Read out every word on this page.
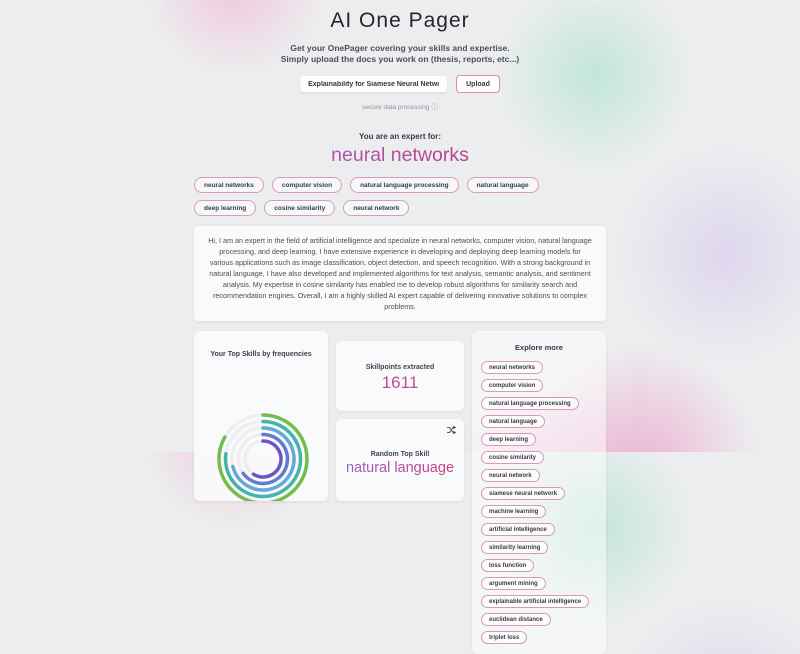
AI One Pager
Get your OnePager covering your skills and expertise.
Simply upload the docs you work on (thesis, reports, etc...)
Explainability for Siamese Neural Network..
Upload
secure data processing ⓘ
You are an expert for:
neural networks
neural networks	computer vision	natural language processing	natural language
deep learning	cosine similarity	neural network
Hi, I am an expert in the field of artificial intelligence and specialize in neural networks, computer vision, natural language processing, and deep learning. I have extensive experience in developing and deploying deep learning models for various applications such as image classification, object detection, and speech recognition. With a strong background in natural language, I have also developed and implemented algorithms for text analysis, semantic analysis, and sentiment analysis. My expertise in cosine similarity has enabled me to develop robust algorithms for similarity search and recommendation engines. Overall, I am a highly skilled AI expert capable of delivering innovative solutions to complex problems.
Your Top Skills by frequencies
Skillpoints extracted
1611
Random Top Skill
natural language
Explore more
neural networks
computer vision
natural language processing
natural language
deep learning
cosine similarity
neural network
siamese neural network
machine learning
artificial intelligence
similarity learning
loss function
argument mining
explainable artificial intelligence
euclidean distance
triplet loss
